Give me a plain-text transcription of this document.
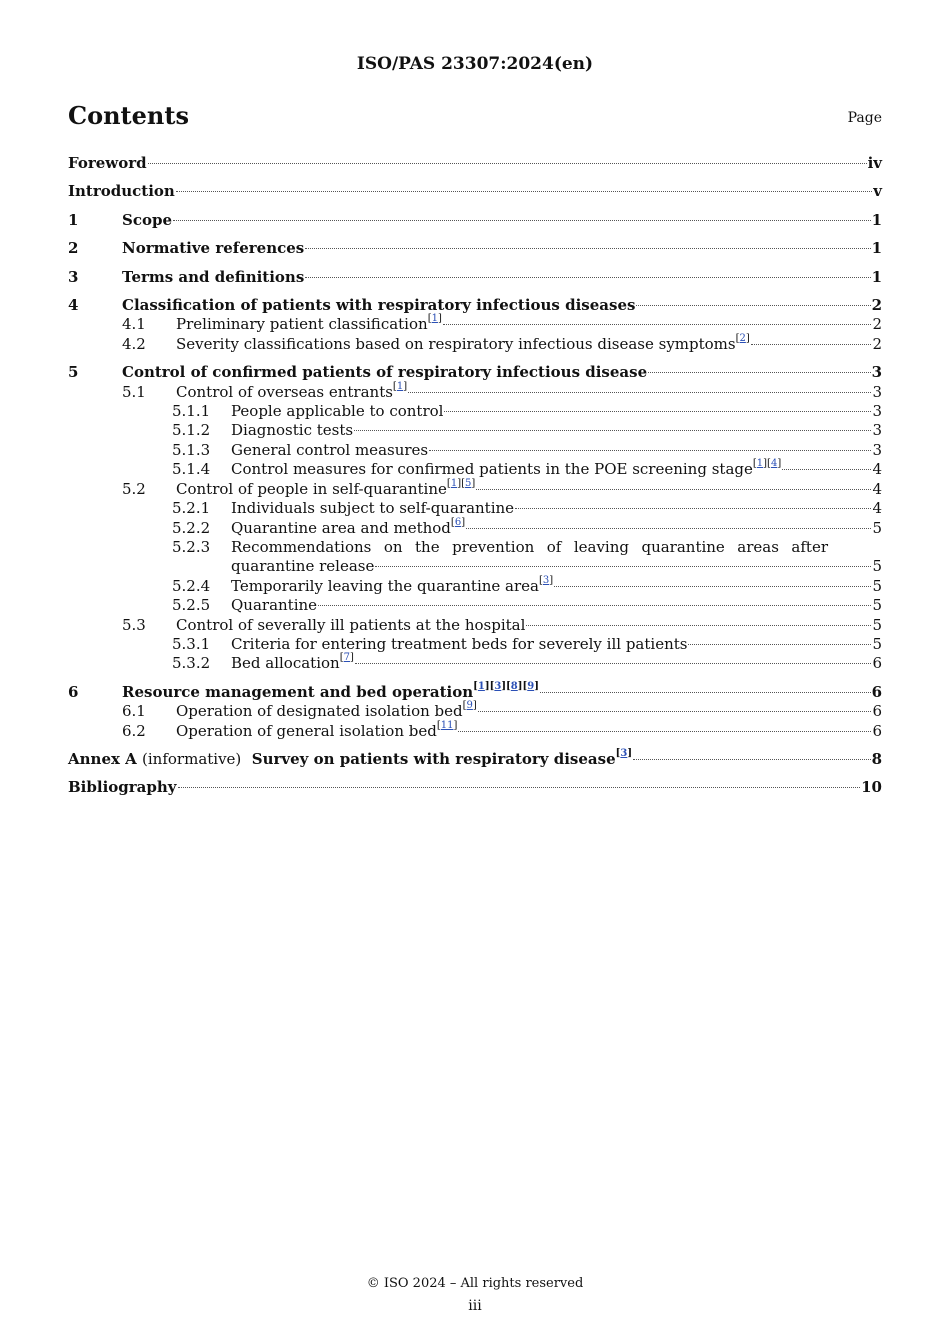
ISO/PAS 23307:2024(en)
Contents	Page
Foreword	iv
Introduction	v
1	Scope	1
2	Normative references	1
3	Terms and definitions	1
4	Classification of patients with respiratory infectious diseases	2
4.1	Preliminary patient classification[1]	2
4.2	Severity classifications based on respiratory infectious disease symptoms[2]	2
5	Control of confirmed patients of respiratory infectious disease	3
5.1	Control of overseas entrants[1]	3
5.1.1	People applicable to control	3
5.1.2	Diagnostic tests	3
5.1.3	General control measures	3
5.1.4	Control measures for confirmed patients in the POE screening stage[1][4]	4
5.2	Control of people in self-quarantine[1][5]	4
5.2.1	Individuals subject to self-quarantine	4
5.2.2	Quarantine area and method[6]	5
5.2.3	Recommendations on the prevention of leaving quarantine areas after
quarantine release	5
5.2.4	Temporarily leaving the quarantine area[3]	5
5.2.5	Quarantine	5
5.3	Control of severally ill patients at the hospital	5
5.3.1	Criteria for entering treatment beds for severely ill patients	5
5.3.2	Bed allocation[7]	6
6	Resource management and bed operation[1][3][8][9]	6
6.1	Operation of designated isolation bed[9]	6
6.2	Operation of general isolation bed[11]	6
Annex A (informative) Survey on patients with respiratory disease[3]	8
Bibliography	10
© ISO 2024 – All rights reserved
iii
